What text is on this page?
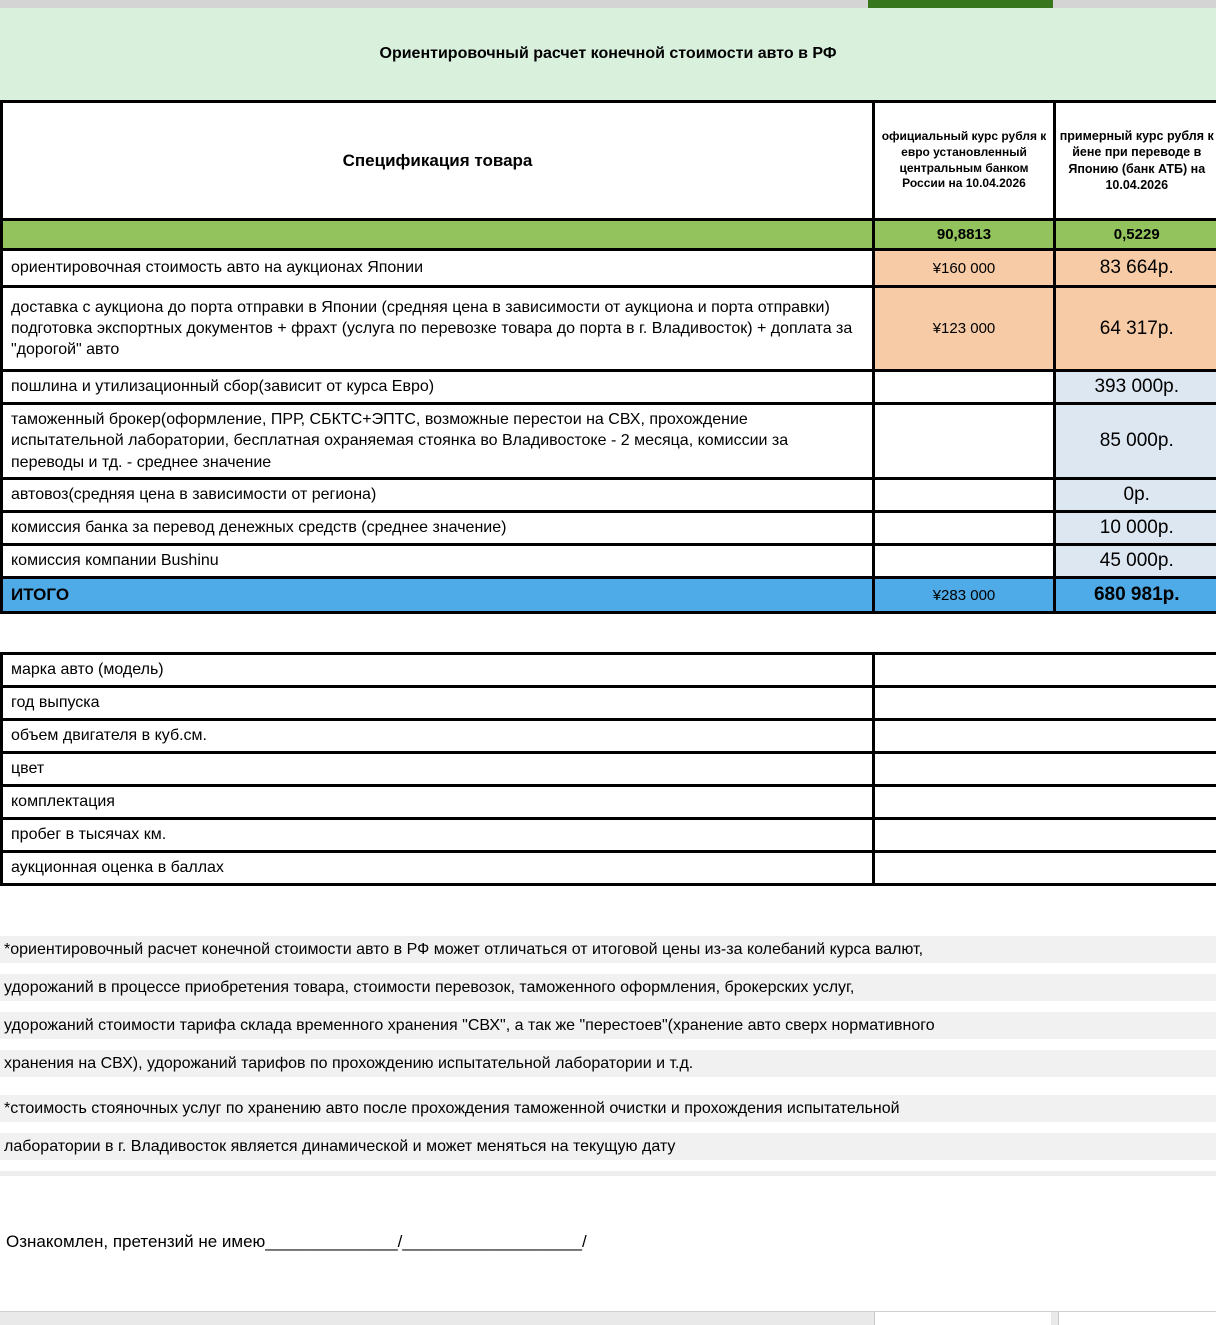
Ориентировочный расчет конечной стоимости авто в РФ
Спецификация товара	официальный курс рубля к евро установленный центральным банком России на 10.04.2026	примерный курс рубля к йене при переводе в Японию (банк АТБ) на 10.04.2026
	90,8813	0,5229
ориентировочная стоимость авто на аукционах Японии	¥160 000	83 664р.
доставка с аукциона до порта отправки в Японии (средняя цена в зависимости от аукциона и порта отправки) подготовка экспортных документов + фрахт (услуга по перевозке товара до порта в г. Владивосток) + доплата за "дорогой" авто	¥123 000	64 317р.
пошлина и утилизационный сбор(зависит от курса Евро)		393 000р.
таможенный брокер(оформление, ПРР, СБКТС+ЭПТС, возможные перестои на СВХ, прохождение испытательной лаборатории, бесплатная охраняемая стоянка во Владивостоке - 2 месяца, комиссии за переводы и тд. - среднее значение		85 000р.
автовоз(средняя цена в зависимости от региона)		0р.
комиссия банка за перевод денежных средств (среднее значение)		10 000р.
комиссия компании Bushinu		45 000р.
ИТОГО	¥283 000	680 981р.
марка авто (модель)	
год выпуска	
объем двигателя в куб.см.	
цвет	
комплектация	
пробег в тысячах км.	
аукционная оценка в баллах	
*ориентировочный расчет конечной стоимости авто в РФ может отличаться от итоговой цены из-за колебаний курса валют,
удорожаний в процессе приобретения товара, стоимости перевозок, таможенного оформления, брокерских услуг,
удорожаний стоимости тарифа склада временного хранения "СВХ", а так же "перестоев"(хранение авто сверх нормативного
хранения на СВХ), удорожаний тарифов по прохождению испытательной лаборатории и т.д.
*стоимость стояночных услуг по хранению авто после прохождения таможенной очистки и прохождения испытательной
лаборатории в г. Владивосток является динамической и может меняться на текущую дату
Ознакомлен, претензий не имею______________/___________________/
